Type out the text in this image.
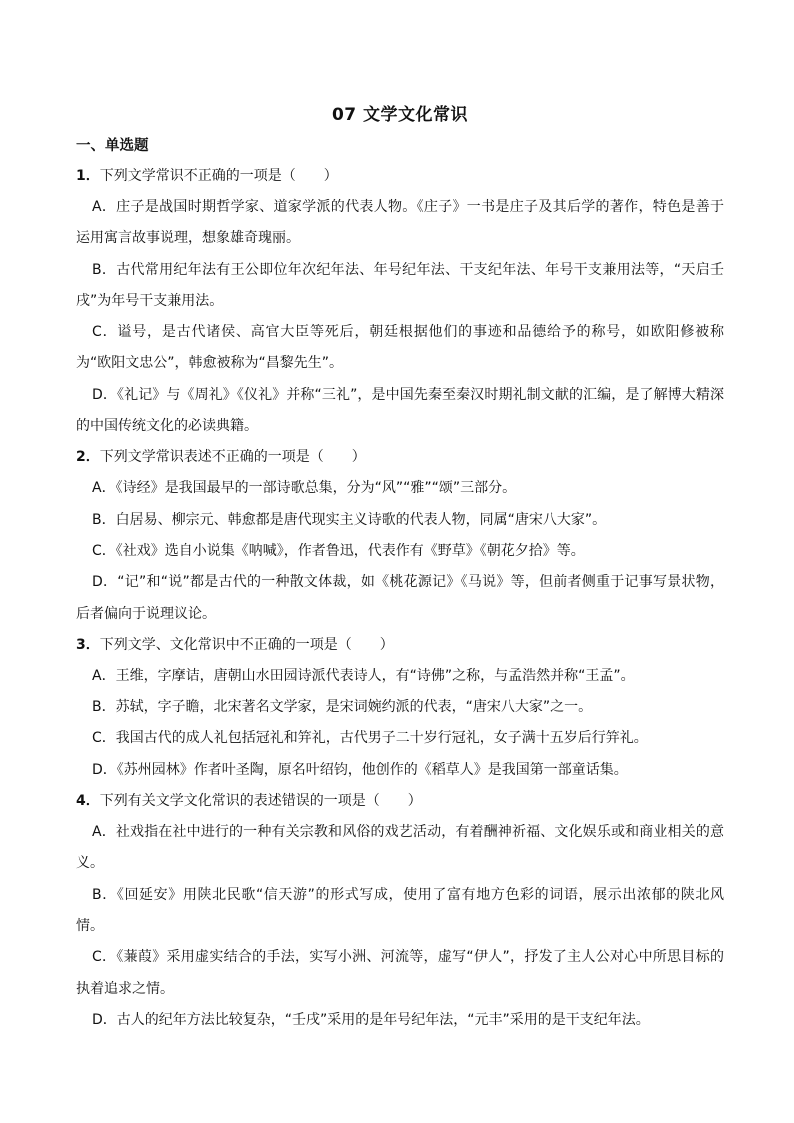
07 文学文化常识
一、单选题

1．下列文学常识不正确的一项是（　　）

A．庄子是战国时期哲学家、道家学派的代表人物。《庄子》一书是庄子及其后学的著作，特色是善于运用寓言故事说理，想象雄奇瑰丽。

B．古代常用纪年法有王公即位年次纪年法、年号纪年法、干支纪年法、年号干支兼用法等，“天启壬戌”为年号干支兼用法。

C．谥号，是古代诸侯、高官大臣等死后，朝廷根据他们的事迹和品德给予的称号，如欧阳修被称为“欧阳文忠公”，韩愈被称为“昌黎先生”。

D．《礼记》与《周礼》《仪礼》并称“三礼”，是中国先秦至秦汉时期礼制文献的汇编，是了解博大精深的中国传统文化的必读典籍。

2．下列文学常识表述不正确的一项是（　　）

A．《诗经》是我国最早的一部诗歌总集，分为“风”“雅”“颂”三部分。

B．白居易、柳宗元、韩愈都是唐代现实主义诗歌的代表人物，同属“唐宋八大家”。

C．《社戏》选自小说集《呐喊》，作者鲁迅，代表作有《野草》《朝花夕拾》等。

D．“记”和“说”都是古代的一种散文体裁，如《桃花源记》《马说》等，但前者侧重于记事写景状物，后者偏向于说理议论。

3．下列文学、文化常识中不正确的一项是（　　）

A．王维，字摩诘，唐朝山水田园诗派代表诗人，有“诗佛”之称，与孟浩然并称“王孟”。

B．苏轼，字子瞻，北宋著名文学家，是宋词婉约派的代表，“唐宋八大家”之一。

C．我国古代的成人礼包括冠礼和笄礼，古代男子二十岁行冠礼，女子满十五岁后行笄礼。

D．《苏州园林》作者叶圣陶，原名叶绍钧，他创作的《稻草人》是我国第一部童话集。

4．下列有关文学文化常识的表述错误的一项是（　　）

A．社戏指在社中进行的一种有关宗教和风俗的戏艺活动，有着酬神祈福、文化娱乐或和商业相关的意义。

B．《回延安》用陕北民歌“信天游”的形式写成，使用了富有地方色彩的词语，展示出浓郁的陕北风情。

C．《蒹葭》采用虚实结合的手法，实写小洲、河流等，虚写“伊人”，抒发了主人公对心中所思目标的执着追求之情。

D．古人的纪年方法比较复杂，“壬戌”采用的是年号纪年法，“元丰”采用的是干支纪年法。
